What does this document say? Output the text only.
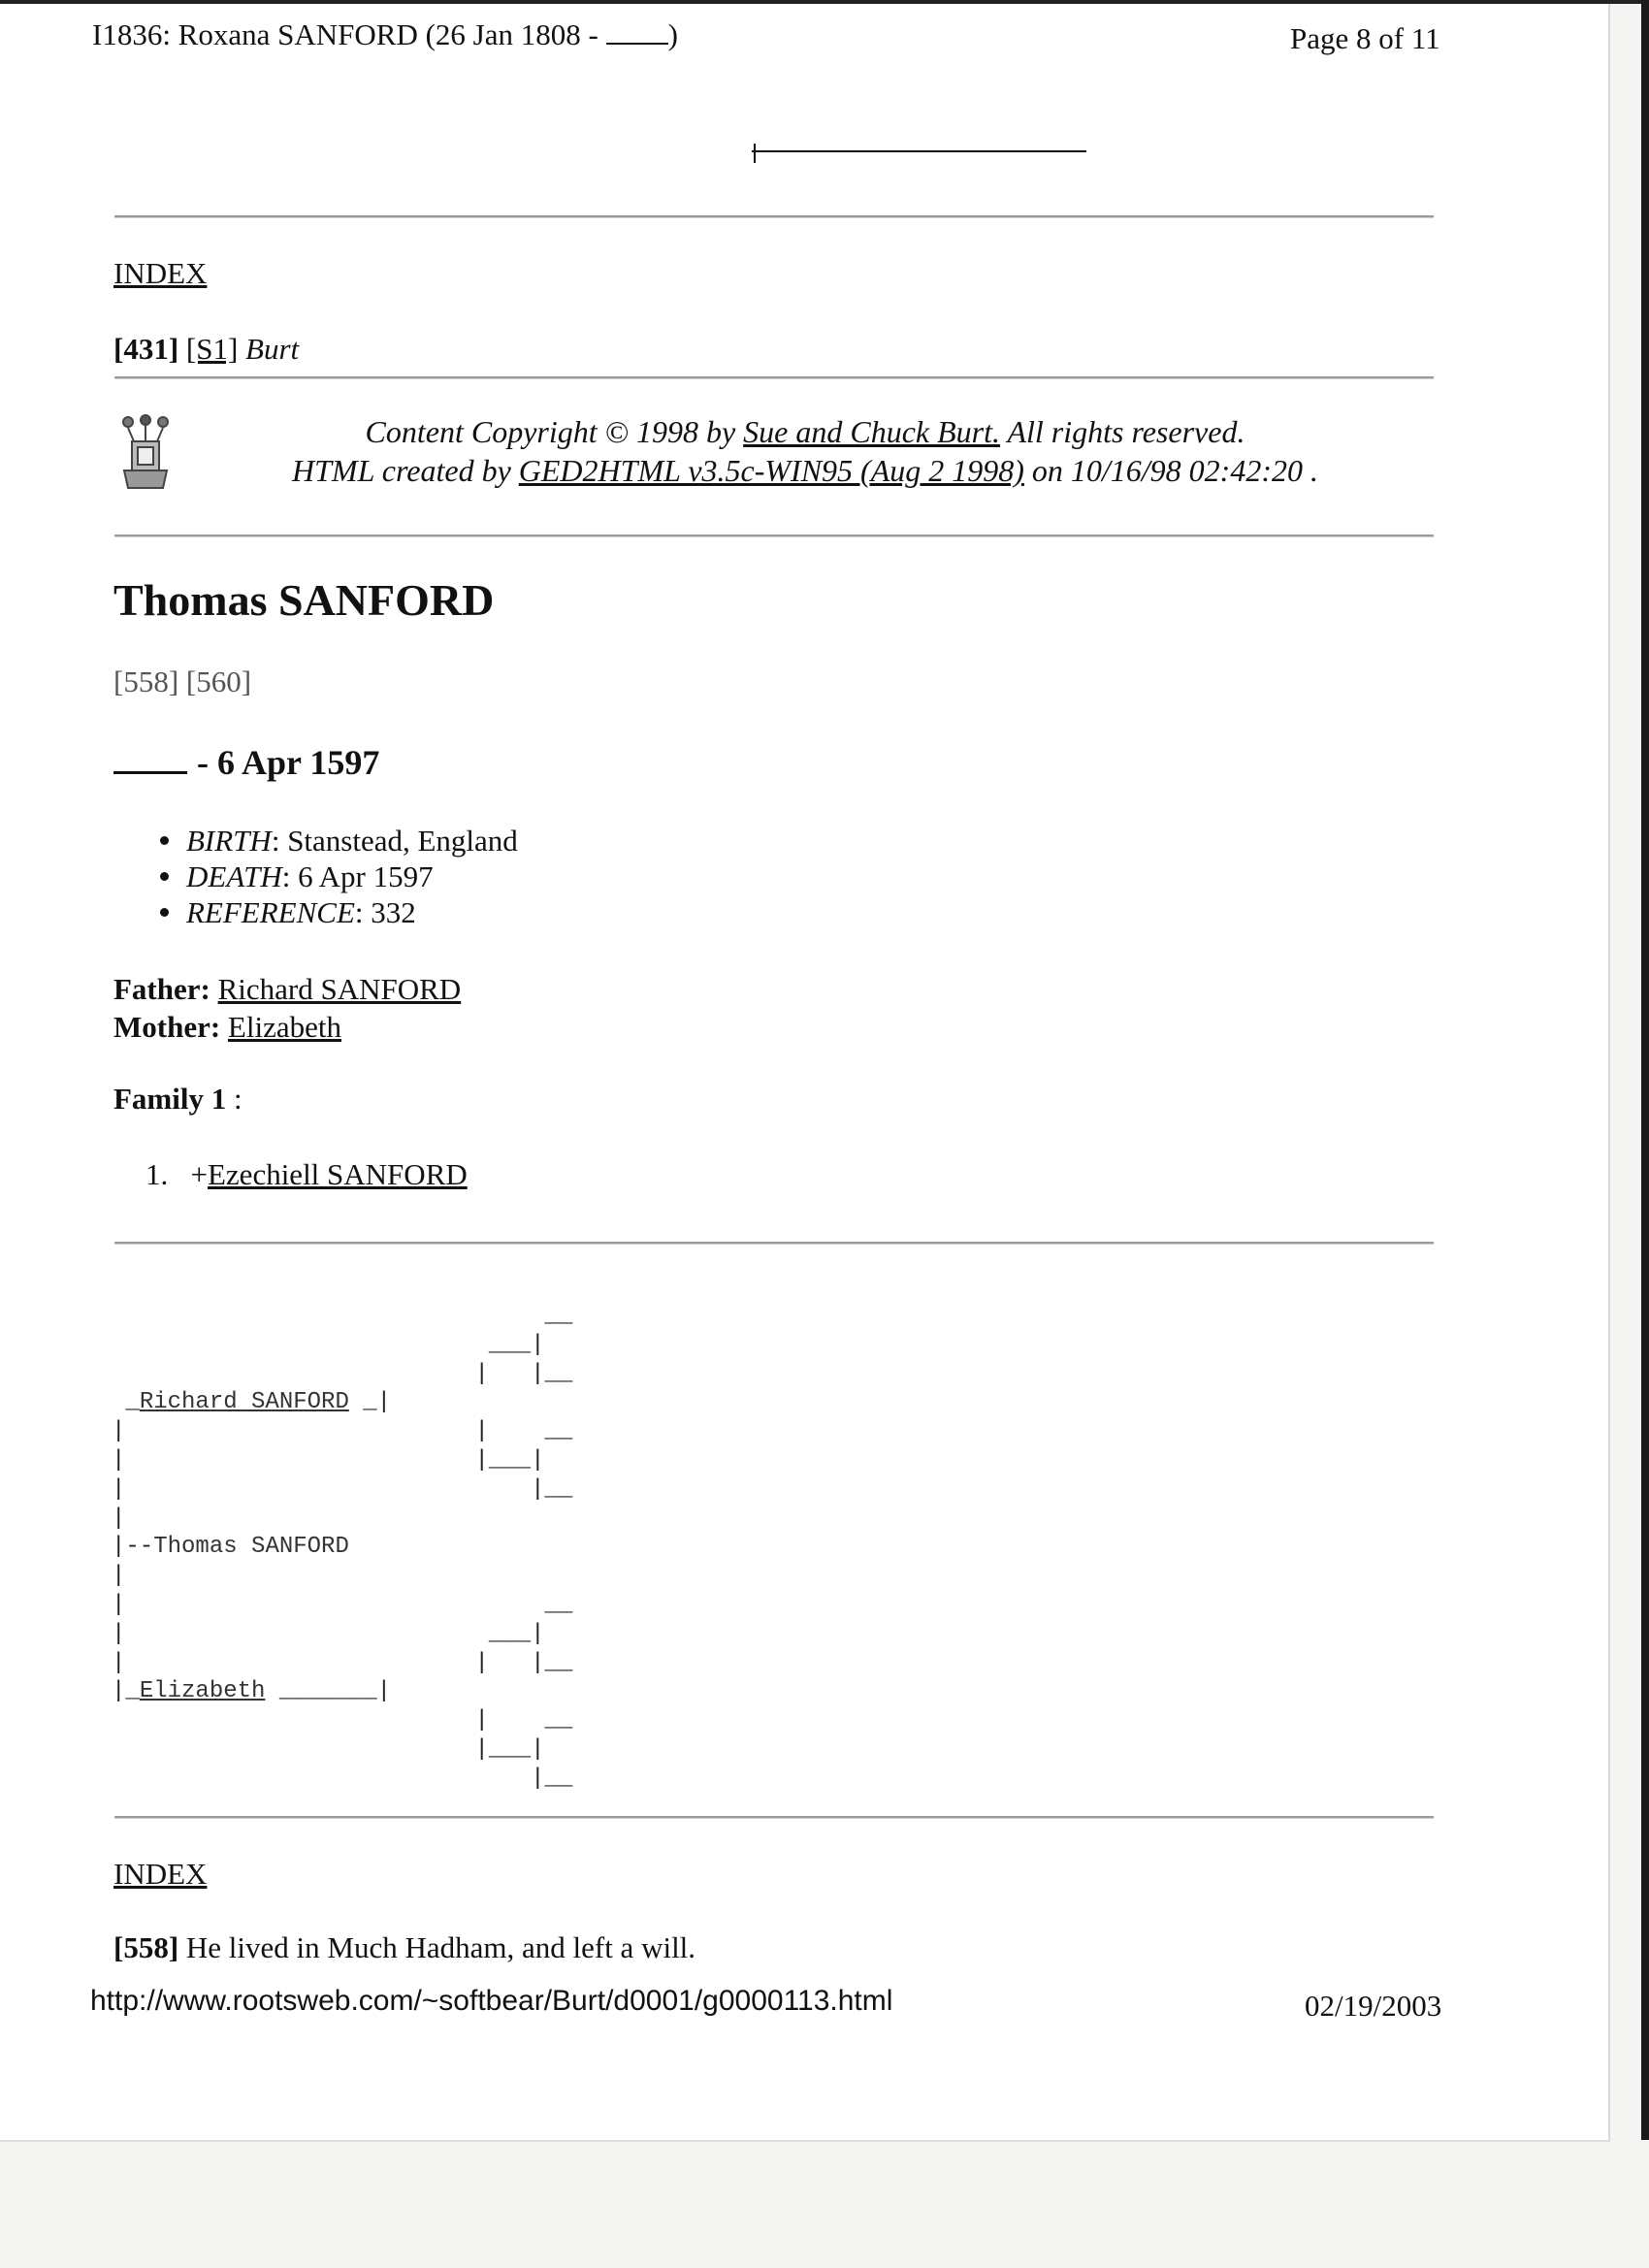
I1836: Roxana SANFORD (26 Jan 1808 - )	Page 8 of 11
INDEX
[431] [S1] Burt
Content Copyright © 1998 by Sue and Chuck Burt. All rights reserved.
HTML created by GED2HTML v3.5c-WIN95 (Aug 2 1998) on 10/16/98 02:42:20 .
Thomas SANFORD
[558] [560]
- 6 Apr 1597
BIRTH : Stanstead, England
DEATH : 6 Apr 1597
REFERENCE : 332
Father: Richard SANFORD
Mother: Elizabeth
Family 1 :
1. +Ezechiell SANFORD
__
___|
|   |__
_Richard SANFORD _|
|                         |    __
|                         |___|
|                             |__
|
|--Thomas SANFORD
|
|                              __
|                          ___|
|                         |   |__
|_Elizabeth _______|
|    __
|___|
|__
INDEX
[558] He lived in Much Hadham, and left a will.
http://www.rootsweb.com/~softbear/Burt/d0001/g0000113.html	02/19/2003
